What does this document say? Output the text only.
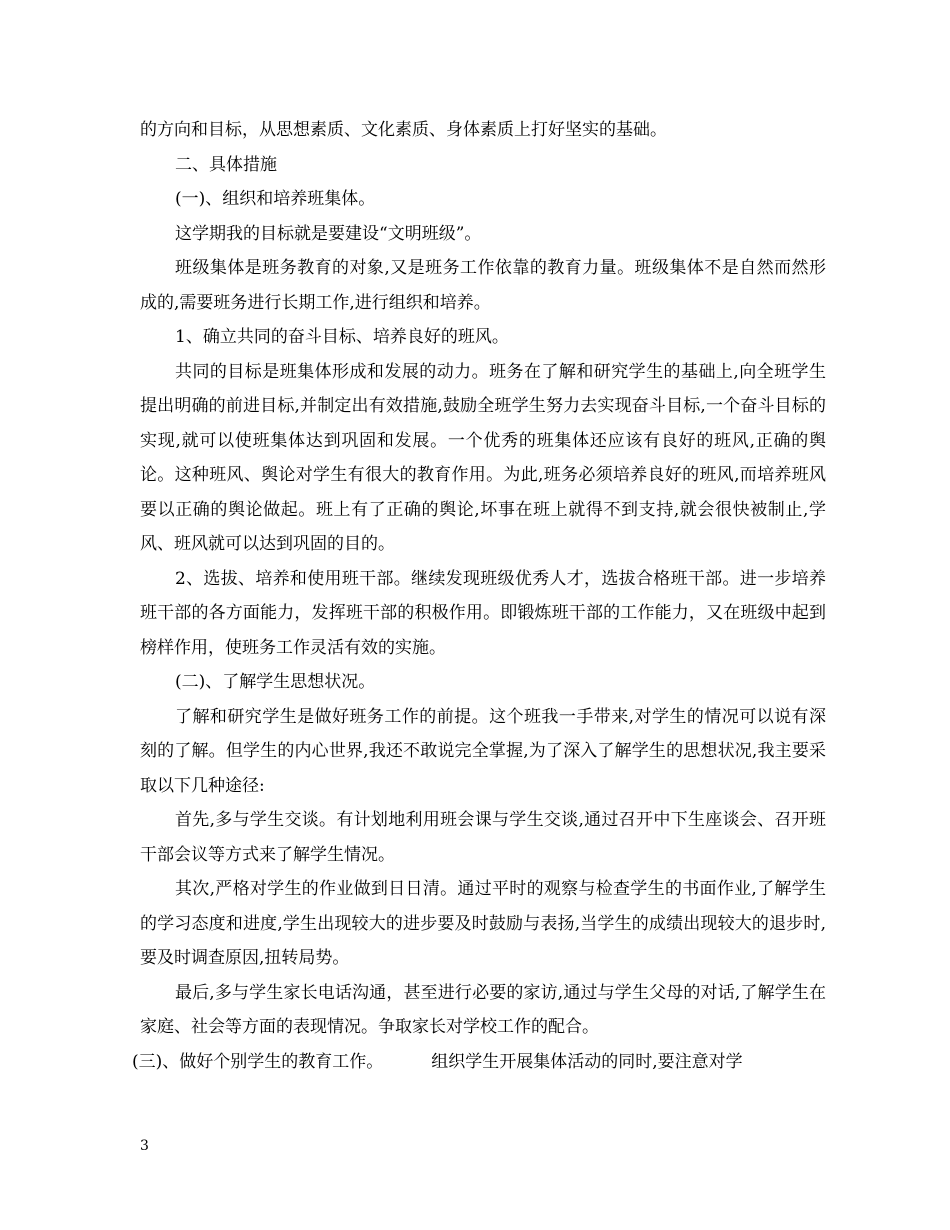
的方向和目标，从思想素质、文化素质、身体素质上打好坚实的基础。

二、具体措施

(一)、组织和培养班集体。

这学期我的目标就是要建设“文明班级”。

班级集体是班务教育的对象,又是班务工作依靠的教育力量。班级集体不是自然而然形成的,需要班务进行长期工作,进行组织和培养。

1、确立共同的奋斗目标、培养良好的班风。

共同的目标是班集体形成和发展的动力。班务在了解和研究学生的基础上,向全班学生提出明确的前进目标,并制定出有效措施,鼓励全班学生努力去实现奋斗目标,一个奋斗目标的实现,就可以使班集体达到巩固和发展。一个优秀的班集体还应该有良好的班风,正确的舆论。这种班风、舆论对学生有很大的教育作用。为此,班务必须培养良好的班风,而培养班风要以正确的舆论做起。班上有了正确的舆论,坏事在班上就得不到支持,就会很快被制止,学风、班风就可以达到巩固的目的。

2、选拔、培养和使用班干部。继续发现班级优秀人才，选拔合格班干部。进一步培养班干部的各方面能力，发挥班干部的积极作用。即锻炼班干部的工作能力，又在班级中起到榜样作用，使班务工作灵活有效的实施。

(二)、了解学生思想状况。

了解和研究学生是做好班务工作的前提。这个班我一手带来,对学生的情况可以说有深刻的了解。但学生的内心世界,我还不敢说完全掌握,为了深入了解学生的思想状况,我主要采取以下几种途径:

首先,多与学生交谈。有计划地利用班会课与学生交谈,通过召开中下生座谈会、召开班干部会议等方式来了解学生情况。

其次,严格对学生的作业做到日日清。通过平时的观察与检查学生的书面作业,了解学生的学习态度和进度,学生出现较大的进步要及时鼓励与表扬,当学生的成绩出现较大的退步时,要及时调查原因,扭转局势。

最后,多与学生家长电话沟通，甚至进行必要的家访,通过与学生父母的对话,了解学生在家庭、社会等方面的表现情况。争取家长对学校工作的配合。

(三)、做好个别学生的教育工作。	组织学生开展集体活动的同时,要注意对学

3
